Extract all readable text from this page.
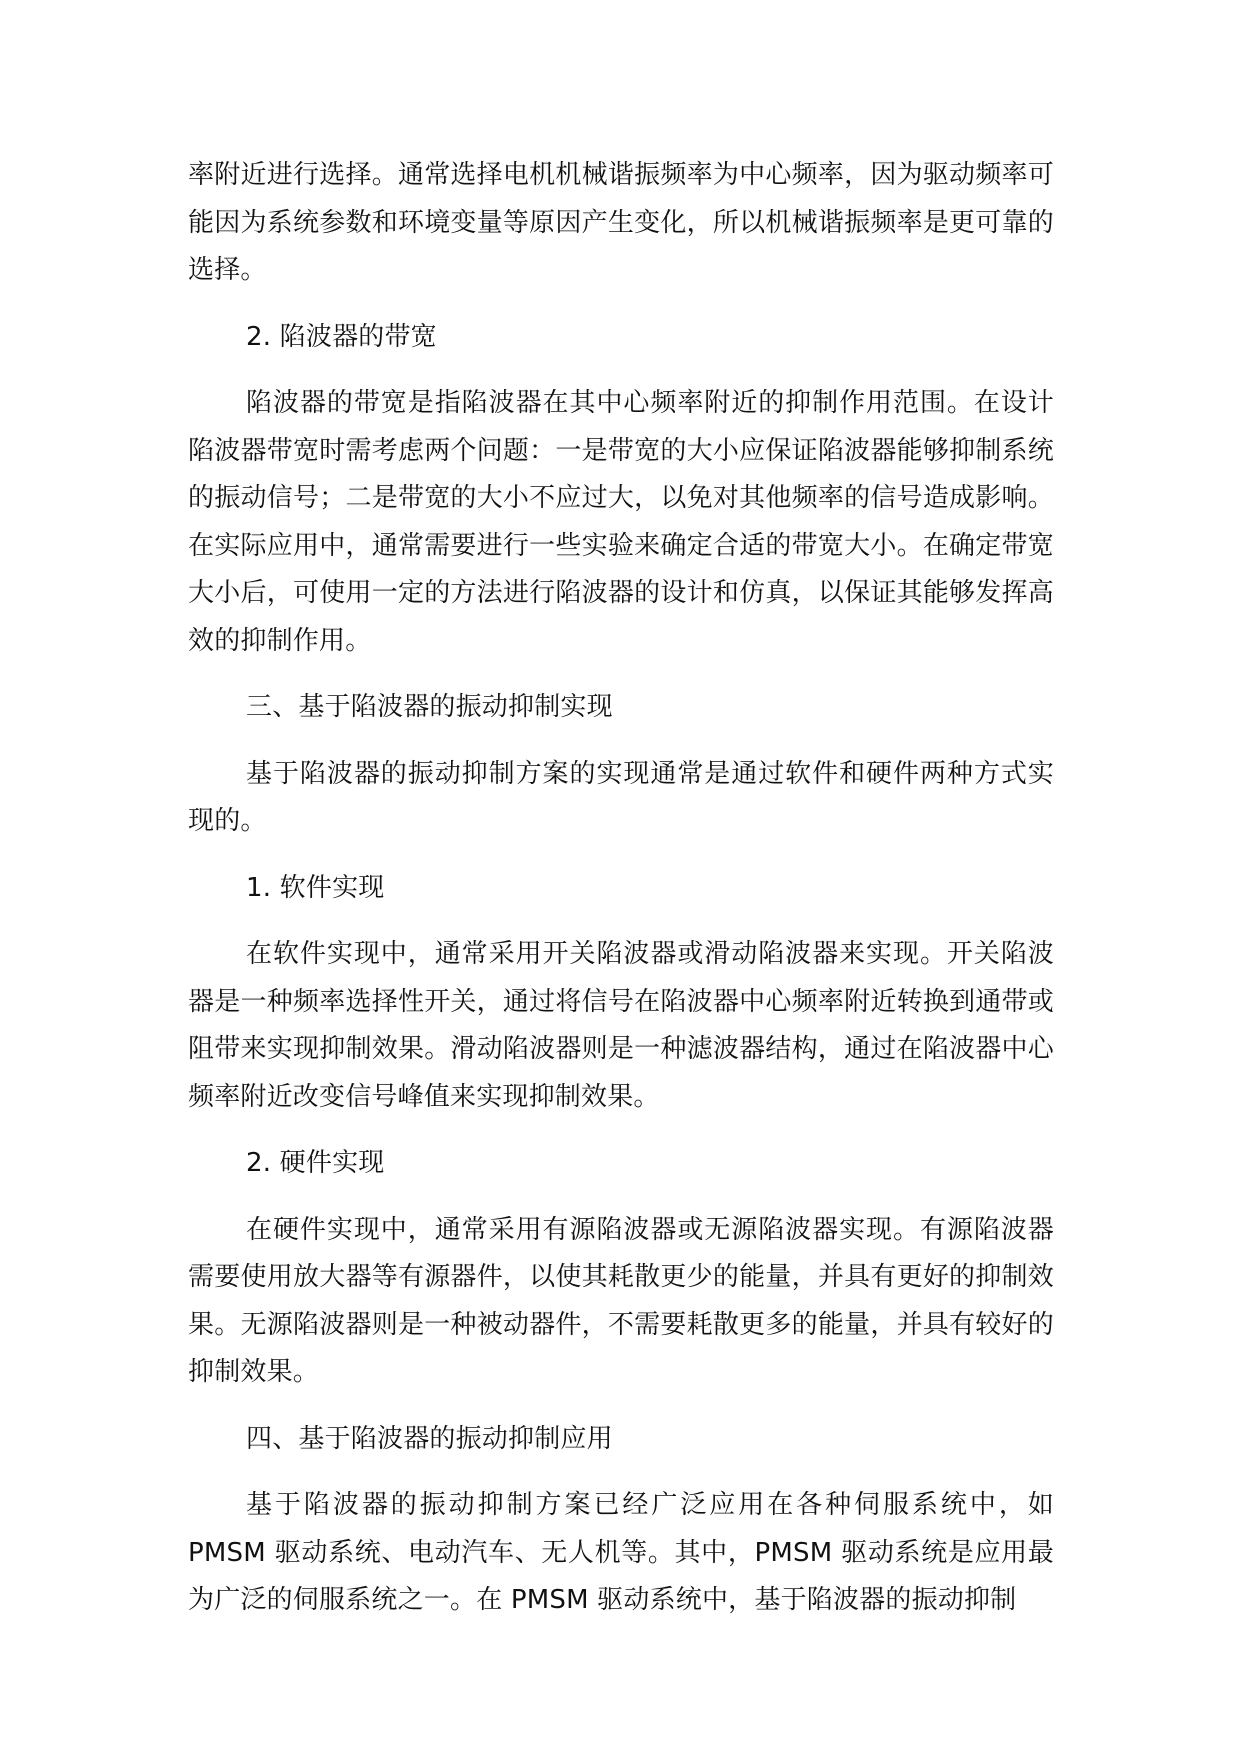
率附近进行选择。通常选择电机机械谐振频率为中心频率，因为驱动频率可能因为系统参数和环境变量等原因产生变化，所以机械谐振频率是更可靠的选择。

2. 陷波器的带宽

陷波器的带宽是指陷波器在其中心频率附近的抑制作用范围。在设计陷波器带宽时需考虑两个问题：一是带宽的大小应保证陷波器能够抑制系统的振动信号；二是带宽的大小不应过大，以免对其他频率的信号造成影响。在实际应用中，通常需要进行一些实验来确定合适的带宽大小。在确定带宽大小后，可使用一定的方法进行陷波器的设计和仿真，以保证其能够发挥高效的抑制作用。

三、基于陷波器的振动抑制实现

基于陷波器的振动抑制方案的实现通常是通过软件和硬件两种方式实现的。

1. 软件实现

在软件实现中，通常采用开关陷波器或滑动陷波器来实现。开关陷波器是一种频率选择性开关，通过将信号在陷波器中心频率附近转换到通带或阻带来实现抑制效果。滑动陷波器则是一种滤波器结构，通过在陷波器中心频率附近改变信号峰值来实现抑制效果。

2. 硬件实现

在硬件实现中，通常采用有源陷波器或无源陷波器实现。有源陷波器需要使用放大器等有源器件，以使其耗散更少的能量，并具有更好的抑制效果。无源陷波器则是一种被动器件，不需要耗散更多的能量，并具有较好的抑制效果。

四、基于陷波器的振动抑制应用

基于陷波器的振动抑制方案已经广泛应用在各种伺服系统中，如 PMSM 驱动系统、电动汽车、无人机等。其中，PMSM 驱动系统是应用最为广泛的伺服系统之一。在 PMSM 驱动系统中，基于陷波器的振动抑制
